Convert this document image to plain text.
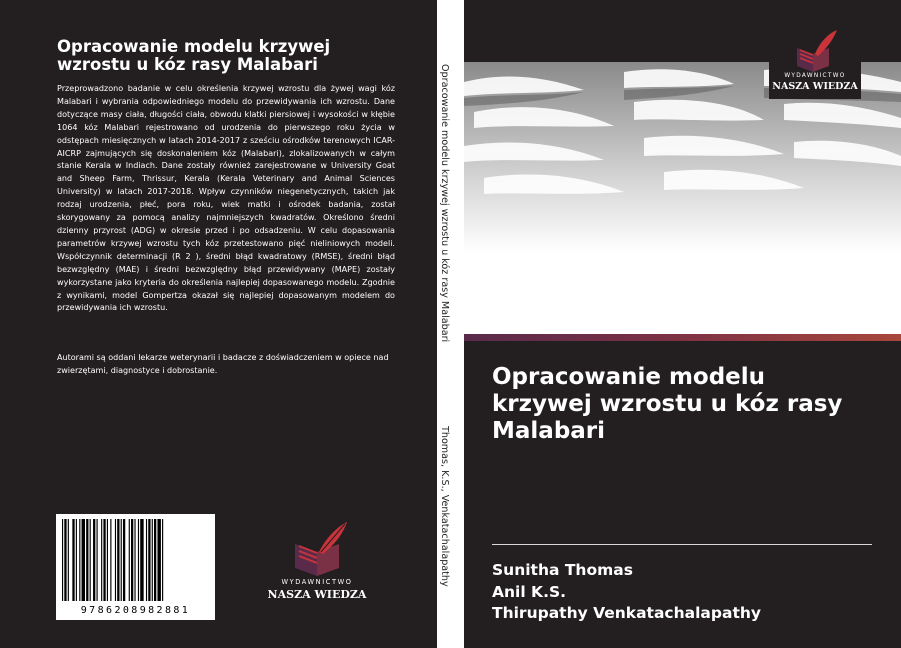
Opracowanie modelu krzywej wzrostu u kóz rasy Malabari

Przeprowadzono badanie w celu określenia krzywej wzrostu dla żywej wagi kóz Malabari i wybrania odpowiedniego modelu do przewidywania ich wzrostu. Dane dotyczące masy ciała, długości ciała, obwodu klatki piersiowej i wysokości w kłębie 1064 kóz Malabari rejestrowano od urodzenia do pierwszego roku życia w odstępach miesięcznych w latach 2014-2017 z sześciu ośrodków terenowych ICAR-AICRP zajmujących się doskonaleniem kóz (Malabari), zlokalizowanych w całym stanie Kerala w Indiach. Dane zostały również zarejestrowane w University Goat and Sheep Farm, Thrissur, Kerala (Kerala Veterinary and Animal Sciences University) w latach 2017-2018. Wpływ czynników niegenetycznych, takich jak rodzaj urodzenia, płeć, pora roku, wiek matki i ośrodek badania, został skorygowany za pomocą analizy najmniejszych kwadratów. Określono średni dzienny przyrost (ADG) w okresie przed i po odsadzeniu. W celu dopasowania parametrów krzywej wzrostu tych kóz przetestowano pięć nieliniowych modeli. Współczynnik determinacji (R 2 ), średni błąd kwadratowy (RMSE), średni błąd bezwzględny (MAE) i średni bezwzględny błąd przewidywany (MAPE) zostały wykorzystane jako kryteria do określenia najlepiej dopasowanego modelu. Zgodnie z wynikami, model Gompertza okazał się najlepiej dopasowanym modelem do przewidywania ich wzrostu.

Autorami są oddani lekarze weterynarii i badacze z doświadczeniem w opiece nad zwierzętami, diagnostyce i dobrostanie.

9786208982881
WYDAWNICTWO
NASZA WIEDZA
Opracowanie modelu krzywej wzrostu u kóz rasy Malabari
Thomas, K.S., Venkatachalapathy
WYDAWNICTWO
NASZA WIEDZA
Opracowanie modelu krzywej wzrostu u kóz rasy Malabari
Sunitha Thomas
Anil K.S.
Thirupathy Venkatachalapathy
